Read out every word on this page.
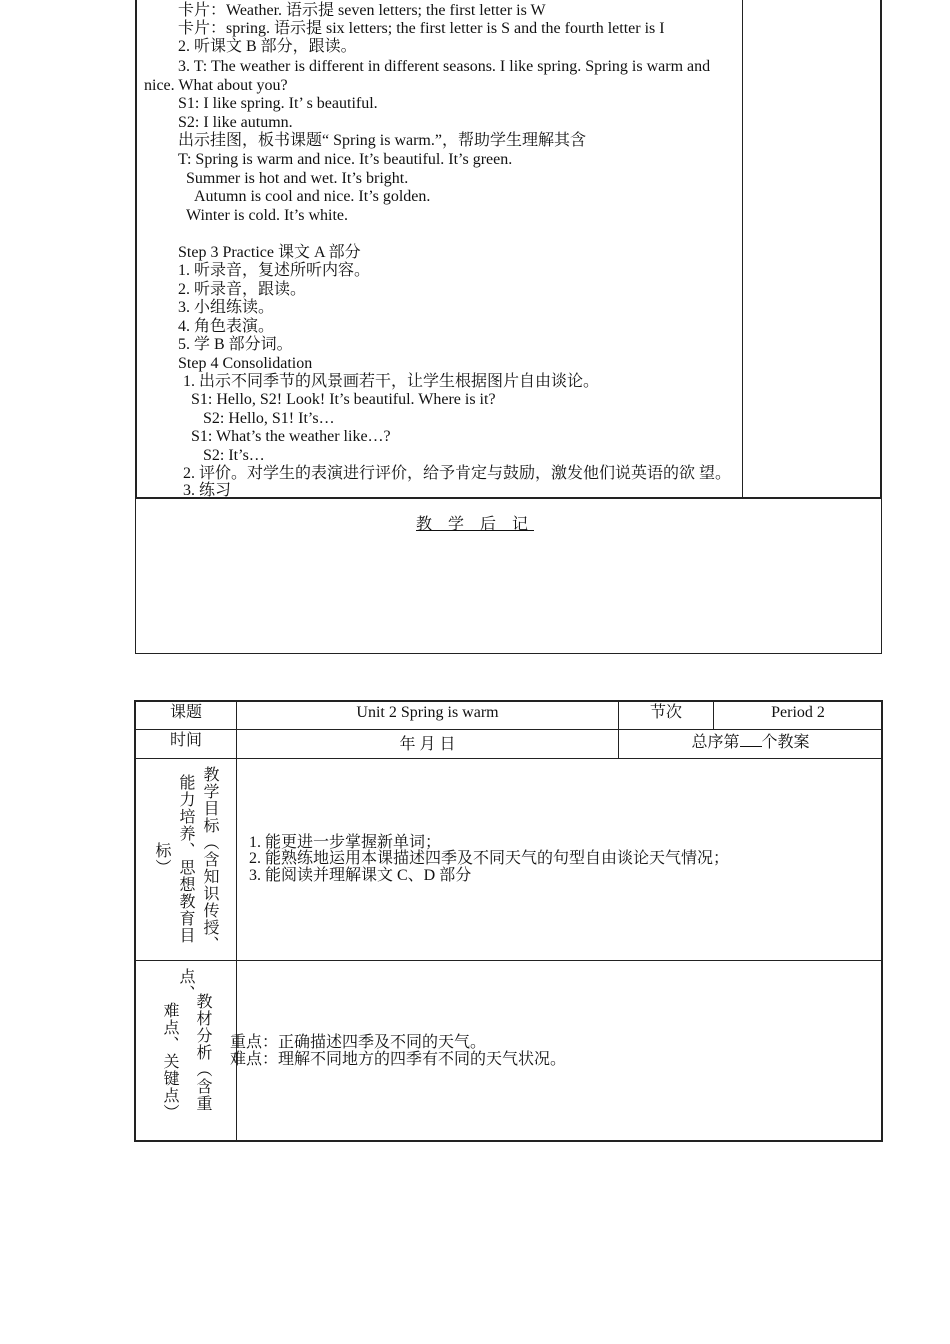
卡片：Weather. 语示提 seven letters; the first letter is W
卡片：spring. 语示提 six letters; the first letter is S and the fourth letter is I
2. 听课文 B 部分，跟读。
3. T: The weather is different in different seasons. I like spring. Spring is warm and
nice. What about you?
S1: I like spring. It’ s beautiful.
S2: I like autumn.
出示挂图，板书课题“ Spring is warm.”，帮助学生理解其含
T: Spring is warm and nice. It’s beautiful. It’s green.
Summer is hot and wet. It’s bright.
Autumn is cool and nice. It’s golden.
Winter is cold. It’s white.
Step 3 Practice 课文 A 部分
1. 听录音，复述所听内容。
2. 听录音，跟读。
3. 小组练读。
4. 角色表演。
5. 学 B 部分词。
Step 4 Consolidation
1. 出示不同季节的风景画若干，让学生根据图片自由谈论。
S1: Hello, S2! Look! It’s beautiful. Where is it?
S2: Hello, S1! It’s…
S1: What’s the weather like…?
S2: It’s…
2. 评价。对学生的表演进行评价，给予肯定与鼓励，激发他们说英语的欲 望。
3. 练习
教 学 后 记
课题	Unit 2 Spring is warm	节次	Period 2
时间	年 月 日	总序第 个教案
教学目标（含知识传授、
能力培养、思想教育目
标）	1. 能更进一步掌握新单词；
2. 能熟练地运用本课描述四季及不同天气的句型自由谈论天气情况；
3. 能阅读并理解课文 C、D 部分
教材分析（含重
点、
难点、关键点）	重点：正确描述四季及不同的天气。
难点：理解不同地方的四季有不同的天气状况。
